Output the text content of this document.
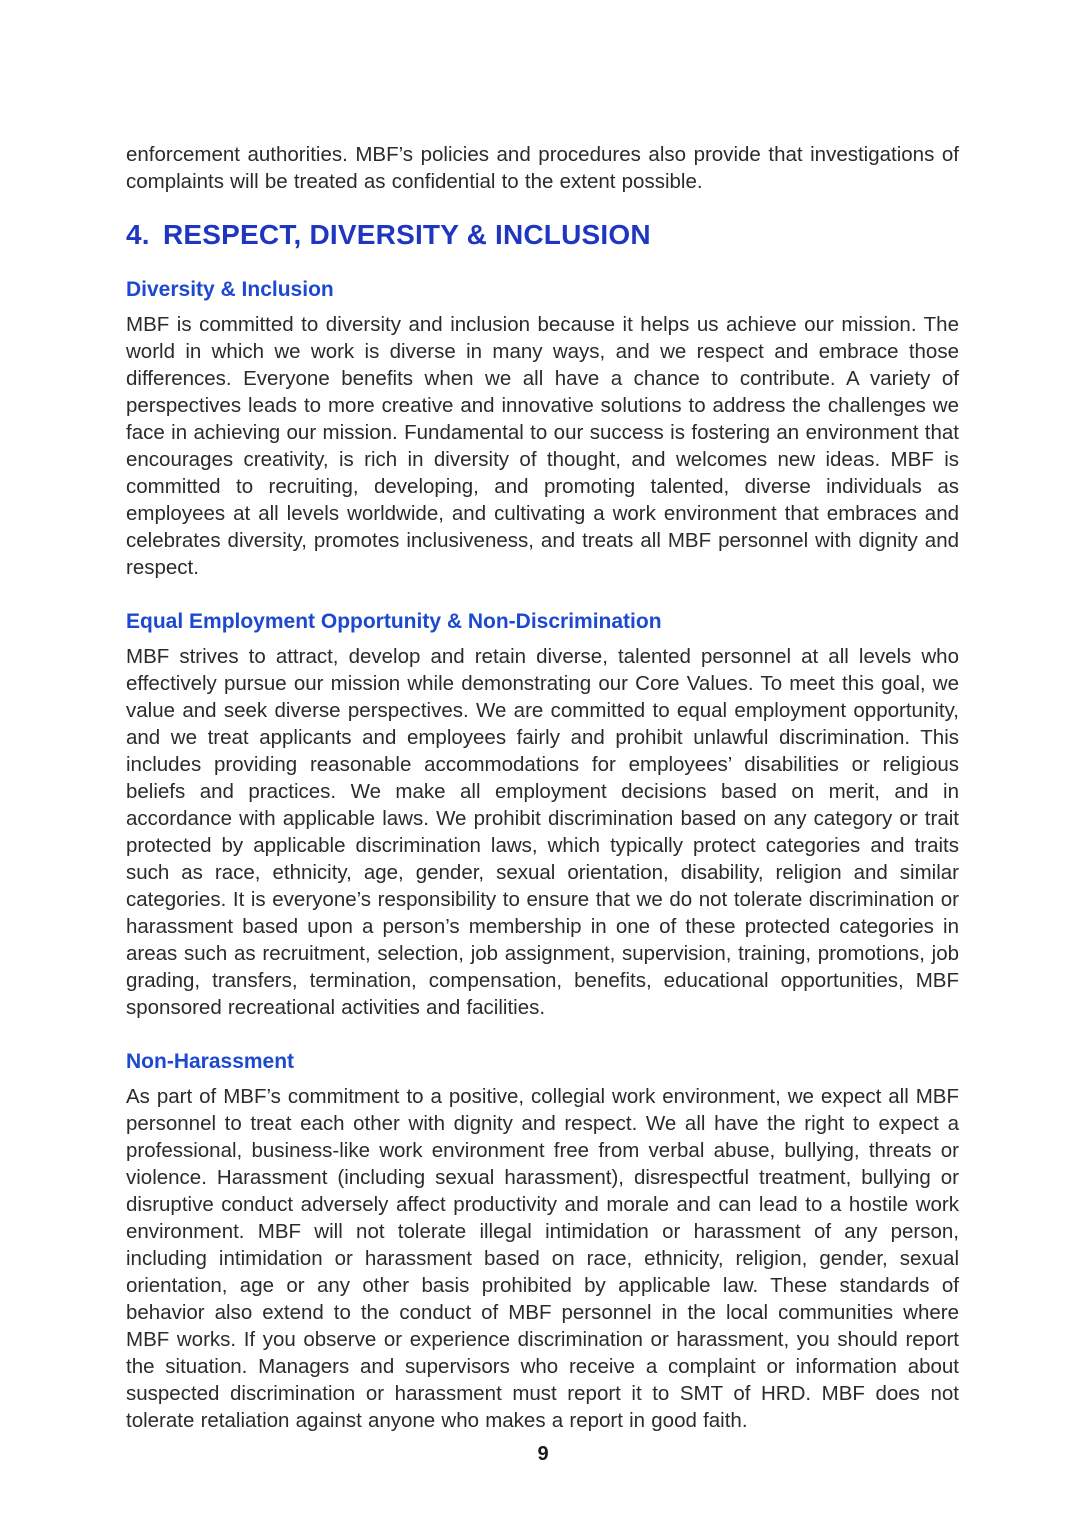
enforcement authorities. MBF’s policies and procedures also provide that investigations of complaints will be treated as confidential to the extent possible.

4. RESPECT, DIVERSITY & INCLUSION
Diversity & Inclusion

MBF is committed to diversity and inclusion because it helps us achieve our mission. The world in which we work is diverse in many ways, and we respect and embrace those differences. Everyone benefits when we all have a chance to contribute. A variety of perspectives leads to more creative and innovative solutions to address the challenges we face in achieving our mission. Fundamental to our success is fostering an environment that encourages creativity, is rich in diversity of thought, and welcomes new ideas. MBF is committed to recruiting, developing, and promoting talented, diverse individuals as employees at all levels worldwide, and cultivating a work environment that embraces and celebrates diversity, promotes inclusiveness, and treats all MBF personnel with dignity and respect.

Equal Employment Opportunity & Non-Discrimination

MBF strives to attract, develop and retain diverse, talented personnel at all levels who effectively pursue our mission while demonstrating our Core Values. To meet this goal, we value and seek diverse perspectives. We are committed to equal employment opportunity, and we treat applicants and employees fairly and prohibit unlawful discrimination. This includes providing reasonable accommodations for employees’ disabilities or religious beliefs and practices. We make all employment decisions based on merit, and in accordance with applicable laws. We prohibit discrimination based on any category or trait protected by applicable discrimination laws, which typically protect categories and traits such as race, ethnicity, age, gender, sexual orientation, disability, religion and similar categories. It is everyone’s responsibility to ensure that we do not tolerate discrimination or harassment based upon a person’s membership in one of these protected categories in areas such as recruitment, selection, job assignment, supervision, training, promotions, job grading, transfers, termination, compensation, benefits, educational opportunities, MBF sponsored recreational activities and facilities.

Non-Harassment

As part of MBF’s commitment to a positive, collegial work environment, we expect all MBF personnel to treat each other with dignity and respect. We all have the right to expect a professional, business-like work environment free from verbal abuse, bullying, threats or violence. Harassment (including sexual harassment), disrespectful treatment, bullying or disruptive conduct adversely affect productivity and morale and can lead to a hostile work environment. MBF will not tolerate illegal intimidation or harassment of any person, including intimidation or harassment based on race, ethnicity, religion, gender, sexual orientation, age or any other basis prohibited by applicable law. These standards of behavior also extend to the conduct of MBF personnel in the local communities where MBF works. If you observe or experience discrimination or harassment, you should report the situation. Managers and supervisors who receive a complaint or information about suspected discrimination or harassment must report it to SMT of HRD. MBF does not tolerate retaliation against anyone who makes a report in good faith.

9
